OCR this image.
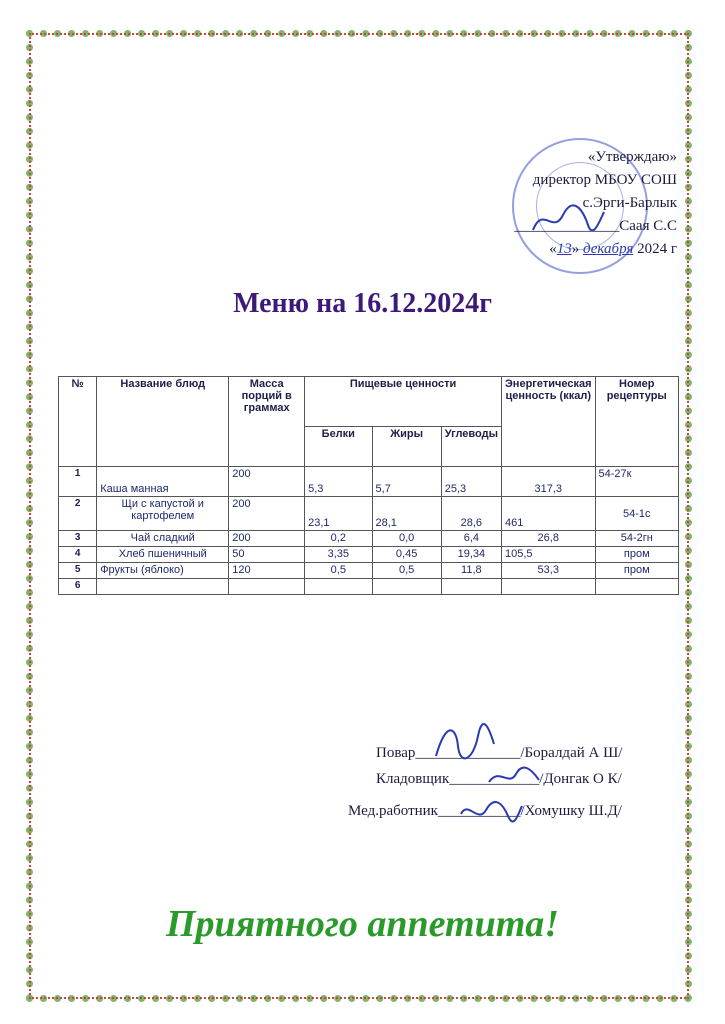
«Утверждаю»
директор МБОУ СОШ
с.Эрги-Барлык
______________Саая С.С
«13» декабря 2024 г
Меню на 16.12.2024г
№	Название блюд	Масса порций в граммах	Пищевые ценности			Энергетическая ценность (ккал)	Номер рецептуры
			Белки	Жиры	Углеводы		
1	Каша манная	200	5,3	5,7	25,3	317,3	54-27к
2	Щи с капустой и картофелем	200	23,1	28,1	28,6	461	54-1с
3	Чай сладкий	200	0,2	0,0	6,4	26,8	54-2гн
4	Хлеб пшеничный	50	3,35	0,45	19,34	105,5	пром
5	Фрукты (яблоко)	120	0,5	0,5	11,8	53,3	пром
6							
Повар______________/Боралдай А Ш/
Кладовщик____________/Донгак О К/
Мед.работник___________/Хомушку Ш.Д/
Приятного аппетита!
